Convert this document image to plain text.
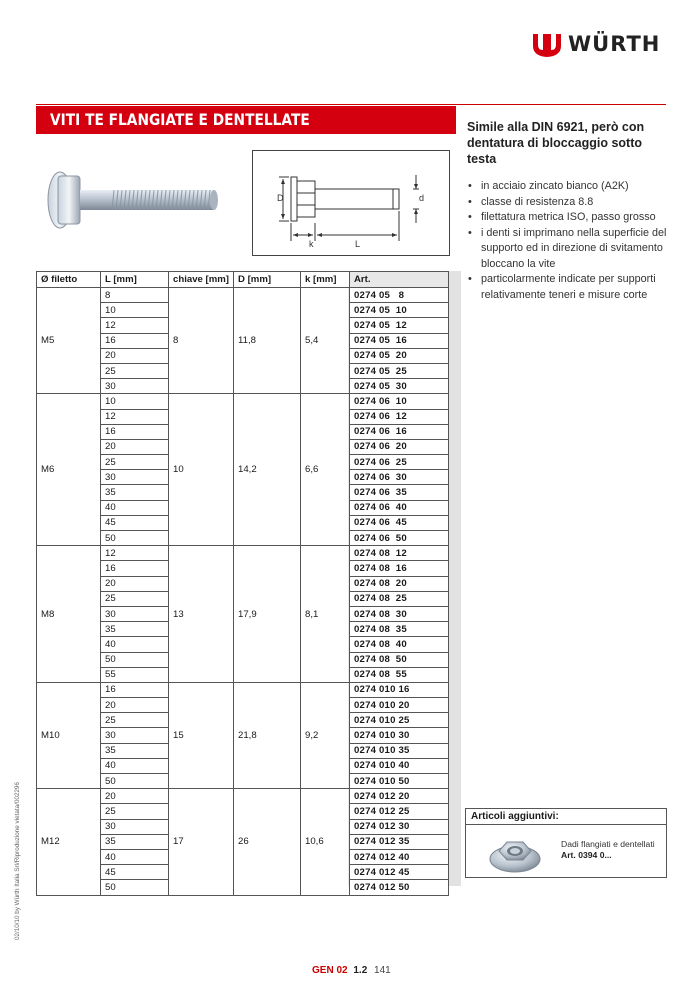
WÜRTH
VITI TE FLANGIATE E DENTELLATE
D	d
k	L
Simile alla DIN 6921, però con dentatura di bloccaggio sotto testa
• in acciaio zincato bianco (A2K)
• classe di resistenza 8.8
• filettatura metrica ISO, passo grosso
• i denti si imprimano nella superficie del supporto ed in direzione di svitamento bloccano la vite
• particolarmente indicate per supporti relativamente teneri e misure corte
Ø filetto	L [mm]	chiave [mm]	D [mm]	k [mm]	Art.
M5	8	8	11,8	5,4	0274 05   8
	10				0274 05  10
	12				0274 05  12
	16				0274 05  16
	20				0274 05  20
	25				0274 05  25
	30				0274 05  30
M6	10	10	14,2	6,6	0274 06  10
	12				0274 06  12
	16				0274 06  16
	20				0274 06  20
	25				0274 06  25
	30				0274 06  30
	35				0274 06  35
	40				0274 06  40
	45				0274 06  45
	50				0274 06  50
M8	12	13	17,9	8,1	0274 08  12
	16				0274 08  16
	20				0274 08  20
	25				0274 08  25
	30				0274 08  30
	35				0274 08  35
	40				0274 08  40
	50				0274 08  50
	55				0274 08  55
M10	16	15	21,8	9,2	0274 010 16
	20				0274 010 20
	25				0274 010 25
	30				0274 010 30
	35				0274 010 35
	40				0274 010 40
	50				0274 010 50
M12	20	17	26	10,6	0274 012 20
	25				0274 012 25
	30				0274 012 30
	35				0274 012 35
	40				0274 012 40
	45				0274 012 45
	50				0274 012 50
Articoli aggiuntivi:
Dadi flangiati e dentellati
Art. 0394 0...
02/10/10 by Würth Italia Srl/Riproduzione vietata/002296
GEN 02 1.2 141
